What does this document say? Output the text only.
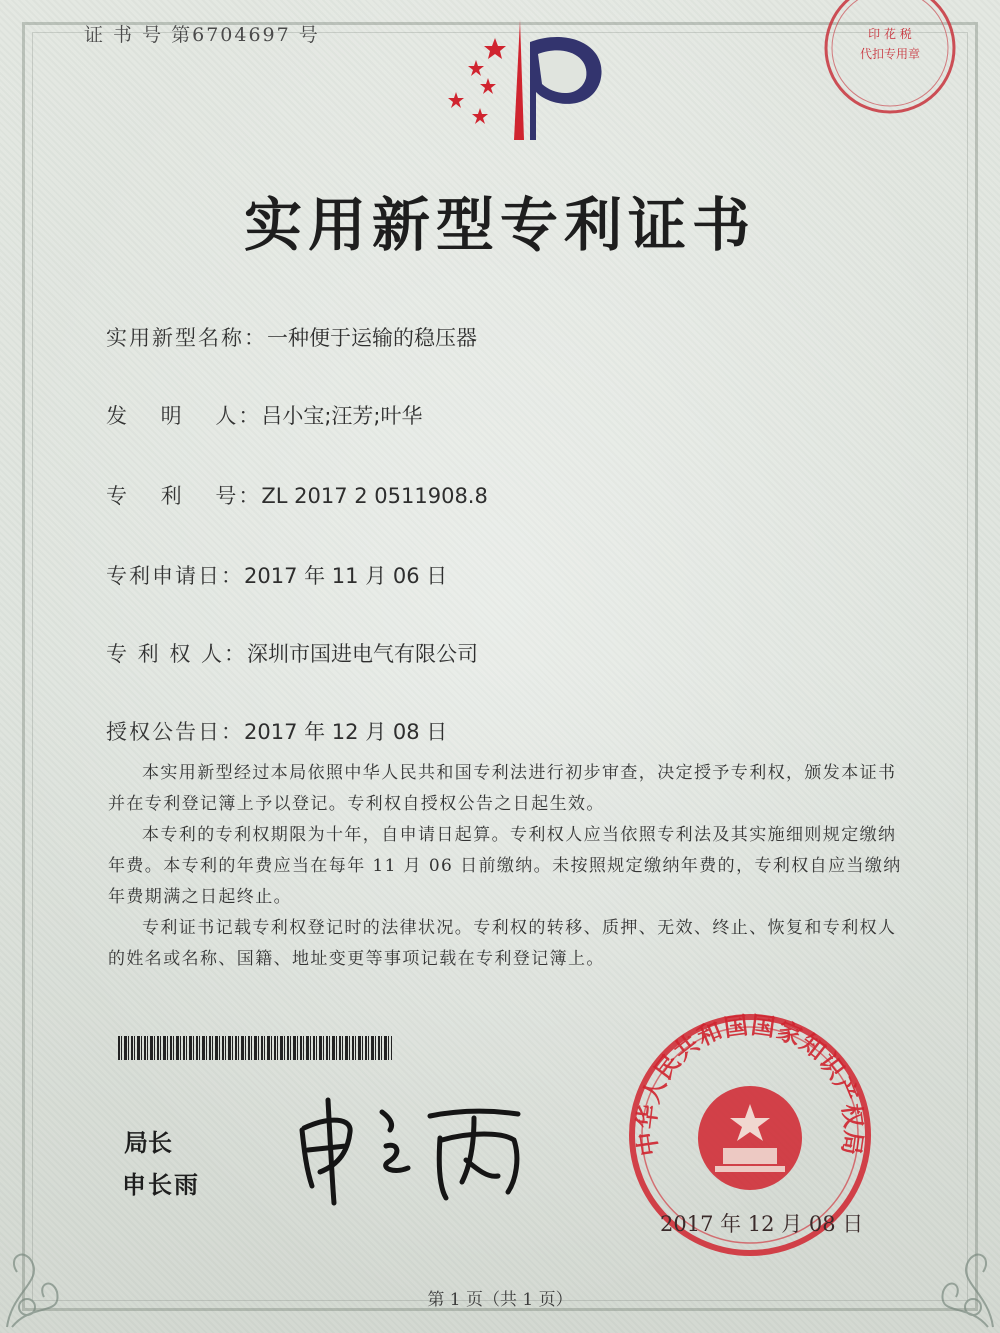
证 书 号 第6704697 号	印 花 税
代扣专用章
实用新型专利证书
实用新型名称：一种便于运输的稳压器
发　 明　 人：吕小宝;汪芳;叶华
专　 利　 号：ZL 2017 2 0511908.8
专利申请日：2017 年 11 月 06 日
专 利 权 人：深圳市国进电气有限公司
授权公告日：2017 年 12 月 08 日

本实用新型经过本局依照中华人民共和国专利法进行初步审查，决定授予专利权，颁发本证书并在专利登记簿上予以登记。专利权自授权公告之日起生效。

本专利的专利权期限为十年，自申请日起算。专利权人应当依照专利法及其实施细则规定缴纳年费。本专利的年费应当在每年 11 月 06 日前缴纳。未按照规定缴纳年费的，专利权自应当缴纳年费期满之日起终止。

专利证书记载专利权登记时的法律状况。专利权的转移、质押、无效、终止、恢复和专利权人的姓名或名称、国籍、地址变更等事项记载在专利登记簿上。

局长
申长雨
中华人民共和国国家知识产权局
2017 年 12 月 08 日
第 1 页（共 1 页）
